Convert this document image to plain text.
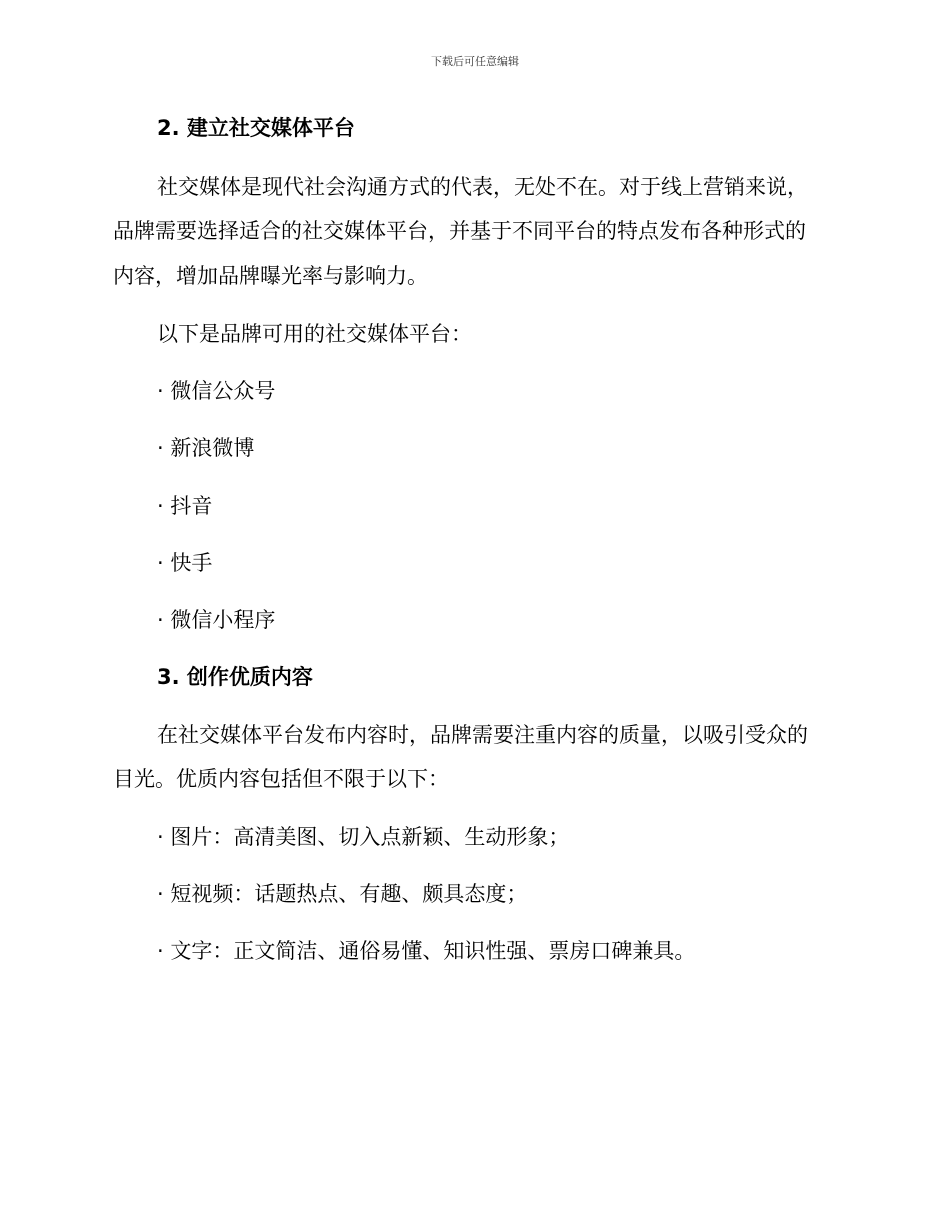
下载后可任意编辑
2. 建立社交媒体平台
社交媒体是现代社会沟通方式的代表，无处不在。对于线上营销来说，
品牌需要选择适合的社交媒体平台，并基于不同平台的特点发布各种形式的
内容，增加品牌曝光率与影响力。
以下是品牌可用的社交媒体平台：
· 微信公众号
· 新浪微博
· 抖音
· 快手
· 微信小程序
3. 创作优质内容
在社交媒体平台发布内容时，品牌需要注重内容的质量，以吸引受众的
目光。优质内容包括但不限于以下：
· 图片：高清美图、切入点新颖、生动形象；
· 短视频：话题热点、有趣、颇具态度；
· 文字：正文简洁、通俗易懂、知识性强、票房口碑兼具。
